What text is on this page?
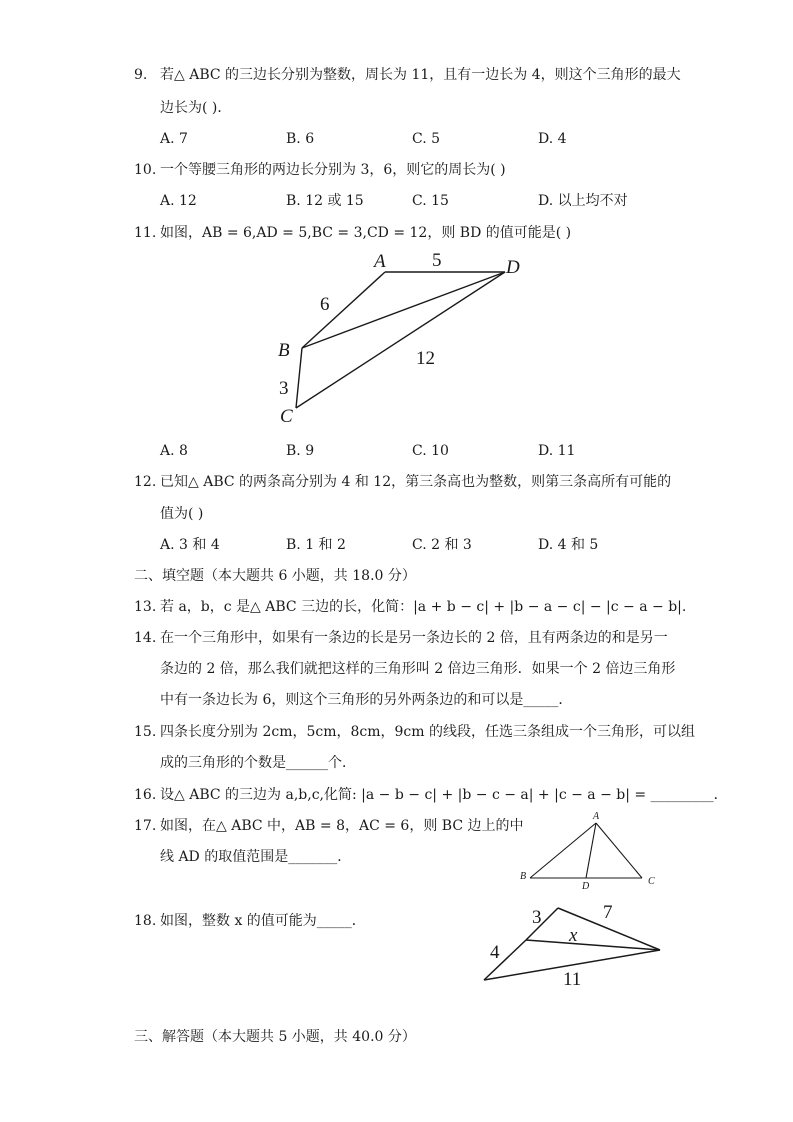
9. 若△ ABC 的三边长分别为整数，周长为 11，且有一边长为 4，则这个三角形的最大
边长为( )．
A. 7	B. 6	C. 5	D. 4
10. 一个等腰三角形的两边长分别为 3，6，则它的周长为( )
A. 12	B. 12 或 15	C. 15	D. 以上均不对
11. 如图，AB = 6,AD = 5,BC = 3,CD = 12，则 BD 的值可能是( )
A	D
B
C
5
6
12
3
A. 8	B. 9	C. 10	D. 11
12. 已知△ ABC 的两条高分别为 4 和 12，第三条高也为整数，则第三条高所有可能的
值为( )
A. 3 和 4	B. 1 和 2	C. 2 和 3	D. 4 和 5
二、填空题（本大题共 6 小题，共 18.0 分）
13. 若 a，b，c 是△ ABC 三边的长，化简：|a + b − c| + |b − a − c| − |c − a − b|.
14. 在一个三角形中，如果有一条边的长是另一条边长的 2 倍，且有两条边的和是另一
条边的 2 倍，那么我们就把这样的三角形叫 2 倍边三角形．如果一个 2 倍边三角形
中有一条边长为 6，则这个三角形的另外两条边的和可以是_____．
15. 四条长度分别为 2cm，5cm，8cm，9cm 的线段，任选三条组成一个三角形，可以组
成的三角形的个数是______个．
16. 设△ ABC 的三边为 a,b,c,化简: |a − b − c| + |b − c − a| + |c − a − b| = _________．
17. 如图，在△ ABC 中，AB = 8，AC = 6，则 BC 边上的中
线 AD 的取值范围是_______．
A
B
D	C
18. 如图，整数 x 的值可能为_____．	3	7
x
4
11
三、解答题（本大题共 5 小题，共 40.0 分）
